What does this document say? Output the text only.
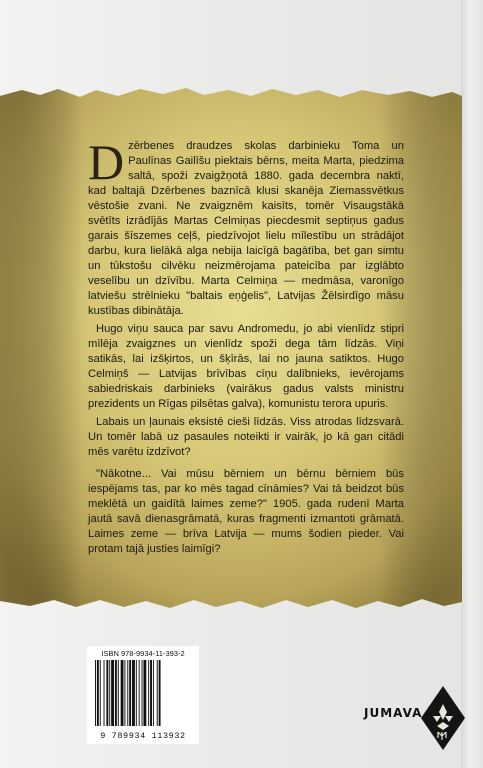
Dzērbenes draudzes skolas darbinieku Toma un Paulīnas Gailīšu piektais bērns, meita Marta, piedzima saltā, spoži zvaigžņotā 1880. gada decembra naktī, kad baltajā Dzērbenes baznīcā klusi skanēja Ziemassvētkus vēstošie zvani. Ne zvaigznēm kaisīts, tomēr Visaugstākā svētīts izrādījās Martas Celmiņas piecdesmit septiņus gadus garais šīszemes ceļš, piedzīvojot lielu mīlestību un strādājot darbu, kura lielākā alga nebija laicīgā bagātība, bet gan simtu un tūkstošu cilvēku neizmērojama pateicība par izglābto veselību un dzīvību. Marta Celmiņa — medmāsa, varonīgo latviešu strēlnieku "baltais eņģelis", Latvijas Žēlsirdīgo māsu kustības dibinātāja.

Hugo viņu sauca par savu Andromedu, jo abi vienlīdz stipri mīlēja zvaigznes un vienlīdz spoži dega tām līdzās. Viņi satikās, lai izšķirtos, un šķīrās, lai no jauna satiktos. Hugo Celmiņš — Latvijas brīvības cīņu dalībnieks, ievērojams sabiedriskais darbinieks (vairākus gadus valsts ministru prezidents un Rīgas pilsētas galva), komunistu terora upuris.

Labais un ļaunais eksistē cieši līdzās. Viss atrodas līdzsvarā. Un tomēr labā uz pasaules noteikti ir vairāk, jo kā gan citādi mēs varētu izdzīvot?

"Nākotne... Vai mūsu bērniem un bērnu bērniem būs iespējams tas, par ko mēs tagad cīnāmies? Vai tā beidzot būs meklētā un gaidītā laimes zeme?" 1905. gada rudenī Marta jautā savā dienasgrāmatā, kuras fragmenti izmantoti grāmatā. Laimes zeme — brīva Latvija — mums šodien pieder. Vai protam tajā justies laimīgi?

ISBN 978-9934-11-393-2
9 789934 113932
JUMAVA
